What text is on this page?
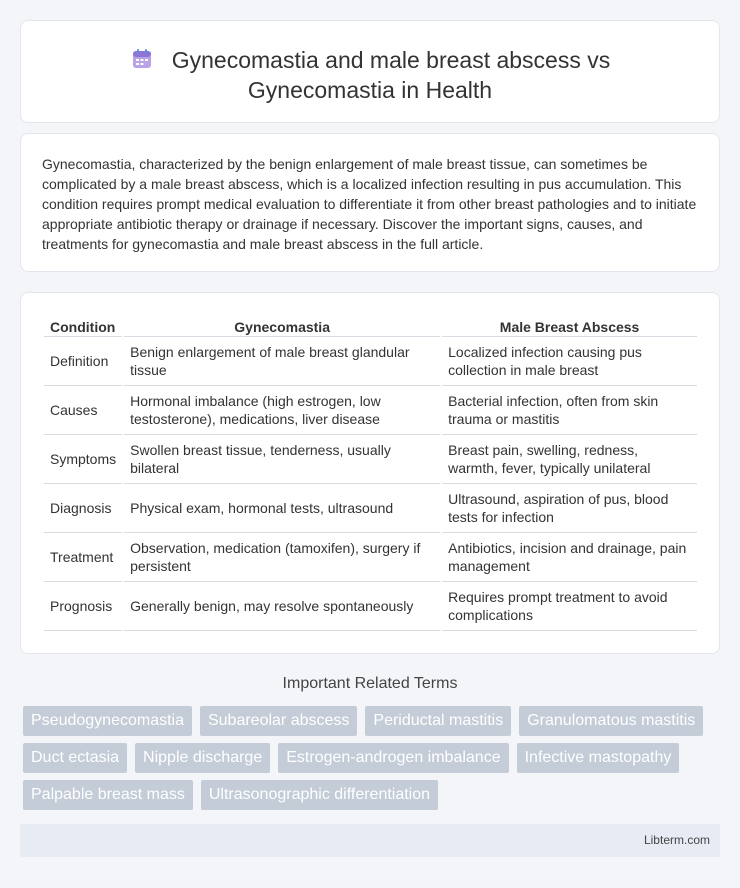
Gynecomastia and male breast abscess vs
Gynecomastia in Health

Gynecomastia, characterized by the benign enlargement of male breast tissue, can sometimes be complicated by a male breast abscess, which is a localized infection resulting in pus accumulation. This condition requires prompt medical evaluation to differentiate it from other breast pathologies and to initiate appropriate antibiotic therapy or drainage if necessary. Discover the important signs, causes, and treatments for gynecomastia and male breast abscess in the full article.

Condition	Gynecomastia	Male Breast Abscess
Definition	Benign enlargement of male breast glandular tissue	Localized infection causing pus collection in male breast
Causes	Hormonal imbalance (high estrogen, low testosterone), medications, liver disease	Bacterial infection, often from skin trauma or mastitis
Symptoms	Swollen breast tissue, tenderness, usually bilateral	Breast pain, swelling, redness, warmth, fever, typically unilateral
Diagnosis	Physical exam, hormonal tests, ultrasound	Ultrasound, aspiration of pus, blood tests for infection
Treatment	Observation, medication (tamoxifen), surgery if persistent	Antibiotics, incision and drainage, pain management
Prognosis	Generally benign, may resolve spontaneously	Requires prompt treatment to avoid complications
Important Related Terms
Pseudogynecomastia	Subareolar abscess	Periductal mastitis	Granulomatous mastitis
Duct ectasia	Nipple discharge	Estrogen-androgen imbalance	Infective mastopathy
Palpable breast mass	Ultrasonographic differentiation
Libterm.com
